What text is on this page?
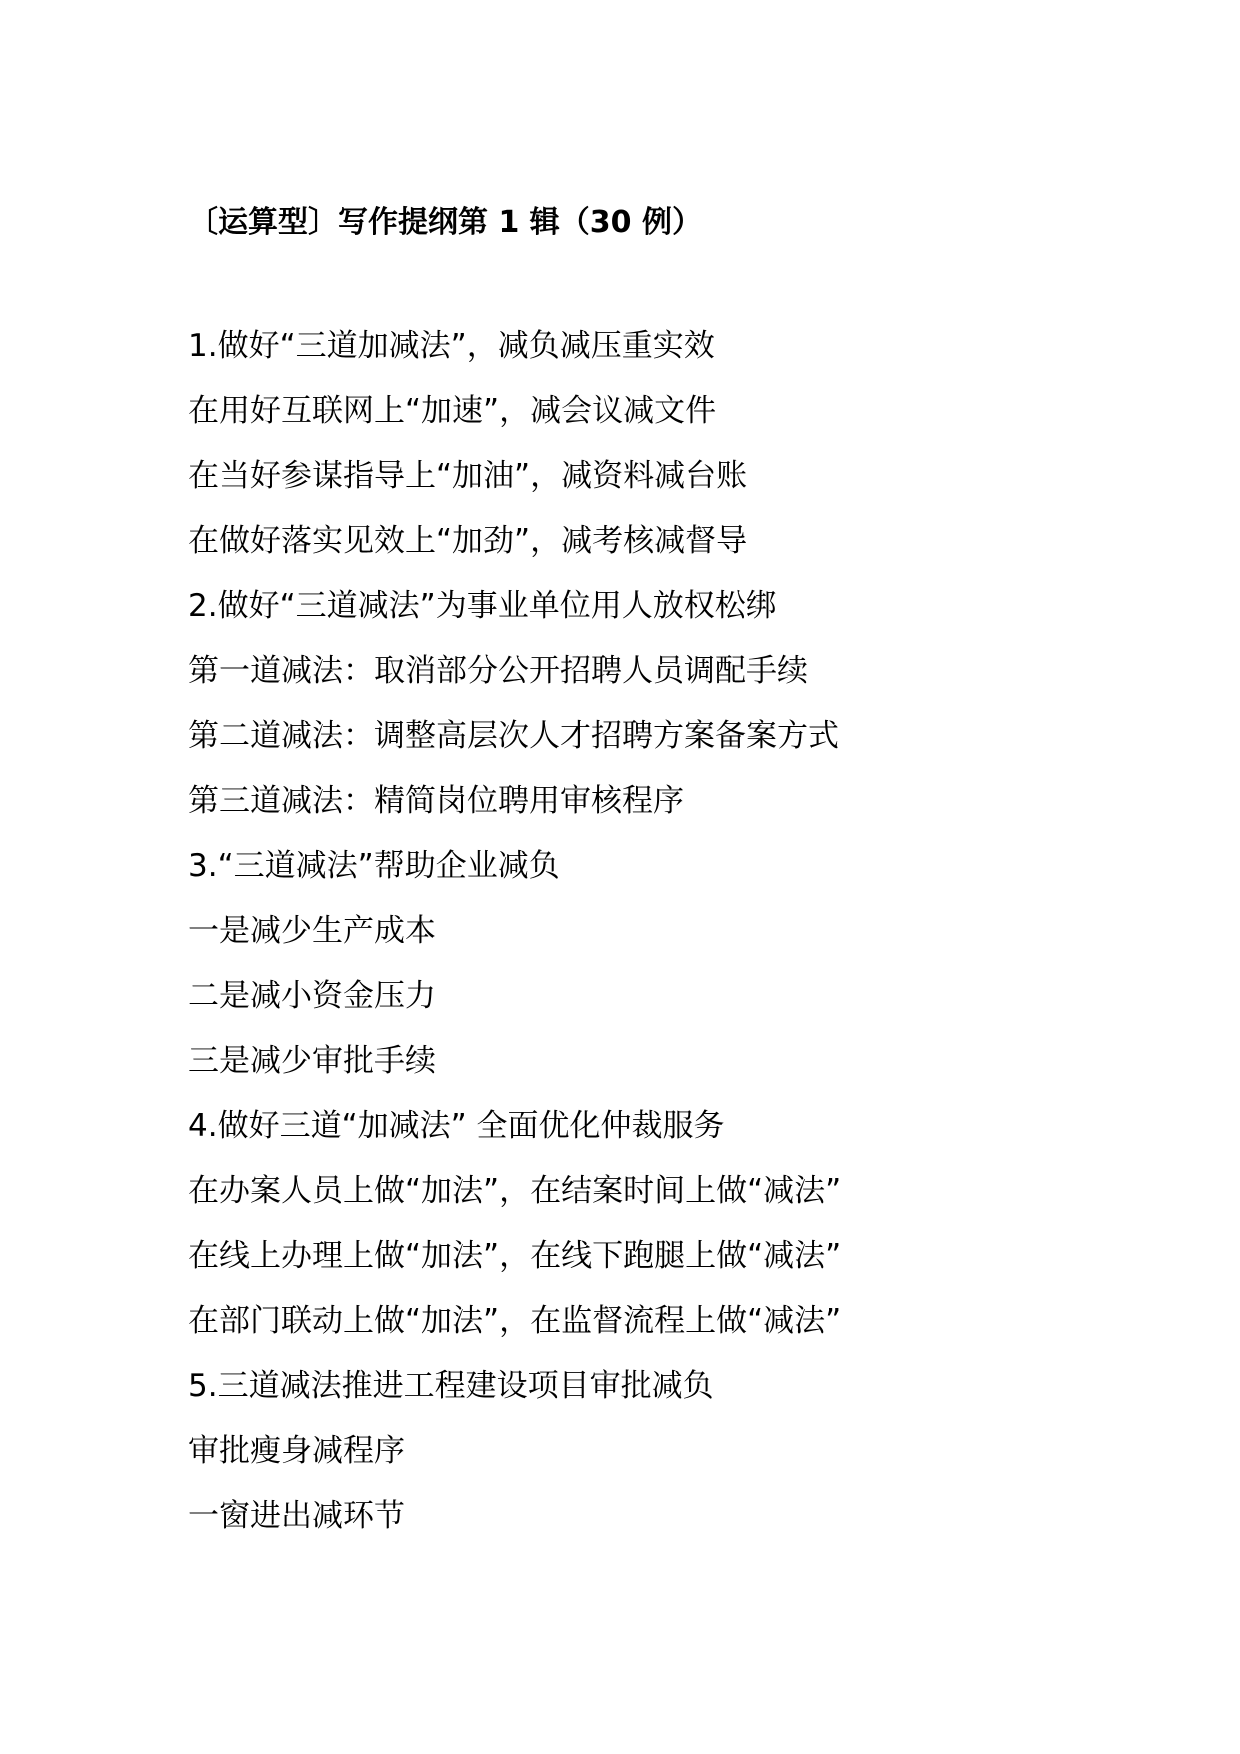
〔运算型〕写作提纲第 1 辑（30 例）
1.做好“三道加减法”，减负减压重实效
在用好互联网上“加速”，减会议减文件
在当好参谋指导上“加油”，减资料减台账
在做好落实见效上“加劲”，减考核减督导
2.做好“三道减法”为事业单位用人放权松绑
第一道减法：取消部分公开招聘人员调配手续
第二道减法：调整高层次人才招聘方案备案方式
第三道减法：精简岗位聘用审核程序
3.“三道减法”帮助企业减负
一是减少生产成本
二是减小资金压力
三是减少审批手续
4.做好三道“加减法” 全面优化仲裁服务
在办案人员上做“加法”，在结案时间上做“减法”
在线上办理上做“加法”，在线下跑腿上做“减法”
在部门联动上做“加法”，在监督流程上做“减法”
5.三道减法推进工程建设项目审批减负
审批瘦身减程序
一窗进出减环节
